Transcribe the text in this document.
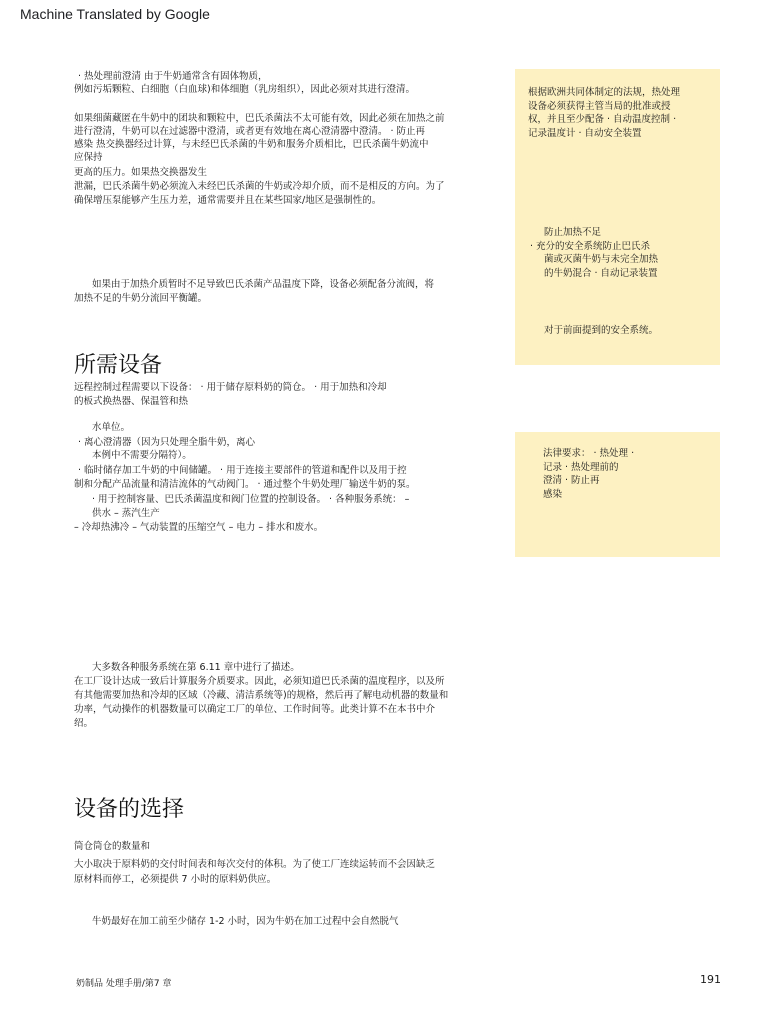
Machine Translated by Google
· 热处理前澄清 由于牛奶通常含有固体物质，
例如污垢颗粒、白细胞（白血球)和体细胞（乳房组织），因此必须对其进行澄清。
如果细菌藏匿在牛奶中的团块和颗粒中，巴氏杀菌法不太可能有效，因此必须在加热之前
进行澄清，牛奶可以在过滤器中澄清，或者更有效地在离心澄清器中澄清。 · 防止再
感染 热交换器经过计算，与未经巴氏杀菌的牛奶和服务介质相比，巴氏杀菌牛奶流中
应保持
更高的压力。如果热交换器发生
泄漏，巴氏杀菌牛奶必须流入未经巴氏杀菌的牛奶或冷却介质，而不是相反的方向。为了
确保增压泵能够产生压力差，通常需要并且在某些国家/地区是强制性的。
如果由于加热介质暂时不足导致巴氏杀菌产品温度下降，设备必须配备分流阀，将
加热不足的牛奶分流回平衡罐。
所需设备
远程控制过程需要以下设备： · 用于储存原料奶的筒仓。 · 用于加热和冷却
的板式换热器、保温管和热
水单位。
· 离心澄清器（因为只处理全脂牛奶，离心
本例中不需要分隔符）。
· 临时储存加工牛奶的中间储罐。 · 用于连接主要部件的管道和配件以及用于控
制和分配产品流量和清洁流体的气动阀门。 · 通过整个牛奶处理厂输送牛奶的泵。
· 用于控制容量、巴氏杀菌温度和阀门位置的控制设备。 · 各种服务系统： –
供水 – 蒸汽生产
– 冷却热沸冷 – 气动装置的压缩空气 – 电力 – 排水和废水。
大多数各种服务系统在第 6.11 章中进行了描述。
在工厂设计达成一致后计算服务介质要求。因此，必须知道巴氏杀菌的温度程序，以及所
有其他需要加热和冷却的区域（冷藏、清洁系统等)的规格，然后再了解电动机器的数量和
功率，气动操作的机器数量可以确定工厂的单位、工作时间等。此类计算不在本书中介
绍。
设备的选择
筒仓筒仓的数量和
大小取决于原料奶的交付时间表和每次交付的体积。为了使工厂连续运转而不会因缺乏
原材料而停工，必须提供 7 小时的原料奶供应。
牛奶最好在加工前至少储存 1-2 小时，因为牛奶在加工过程中会自然脱气
根据欧洲共同体制定的法规，热处理
设备必须获得主管当局的批准或授
权，并且至少配备 · 自动温度控制 ·
记录温度计 · 自动安全装置
防止加热不足
· 充分的安全系统防止巴氏杀
菌或灭菌牛奶与未完全加热
的牛奶混合 · 自动记录装置
对于前面提到的安全系统。
法律要求： · 热处理 ·
记录 · 热处理前的
澄清 · 防止再
感染
奶制品 处理手册/第7 章	191
